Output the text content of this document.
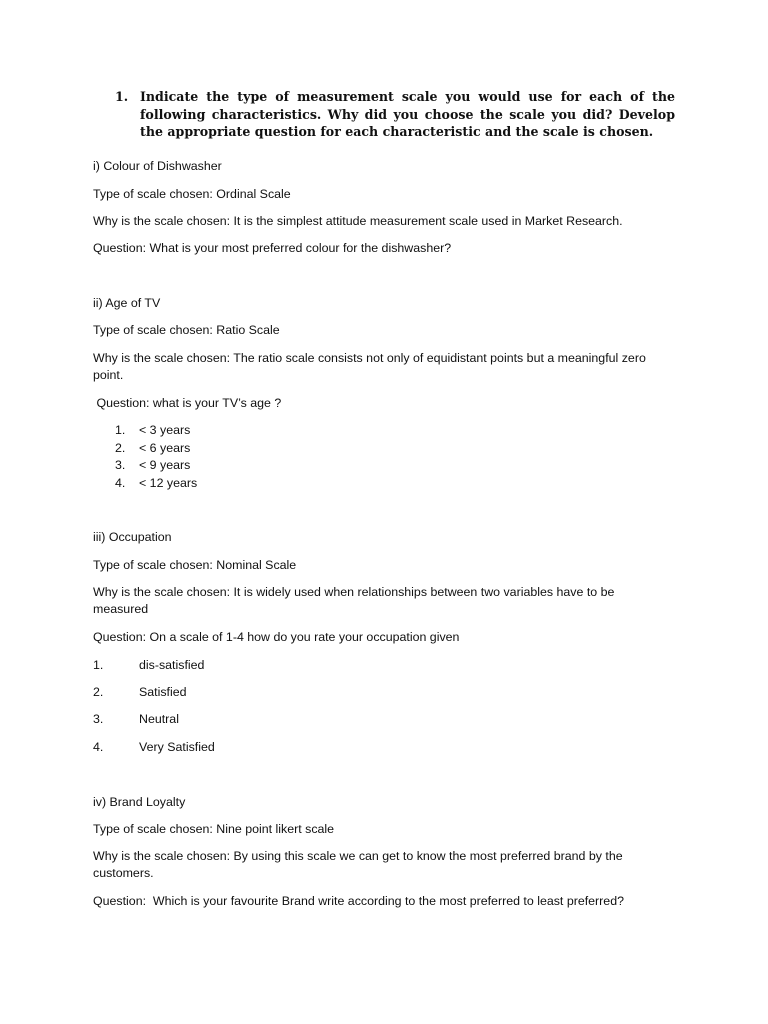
1. Indicate the type of measurement scale you would use for each of the following characteristics. Why did you choose the scale you did? Develop the appropriate question for each characteristic and the scale is chosen.
i) Colour of Dishwasher
Type of scale chosen: Ordinal Scale
Why is the scale chosen: It is the simplest attitude measurement scale used in Market Research.
Question: What is your most preferred colour for the dishwasher?
ii) Age of TV
Type of scale chosen: Ratio Scale
Why is the scale chosen: The ratio scale consists not only of equidistant points but a meaningful zero point.
Question: what is your TV’s age ?
1. < 3 years
2. < 6 years
3. < 9 years
4. < 12 years
iii) Occupation
Type of scale chosen: Nominal Scale
Why is the scale chosen: It is widely used when relationships between two variables have to be measured
Question: On a scale of 1-4 how do you rate your occupation given
1.	dis-satisfied
2.	Satisfied
3.	Neutral
4.	Very Satisfied
iv) Brand Loyalty
Type of scale chosen: Nine point likert scale
Why is the scale chosen: By using this scale we can get to know the most preferred brand by the customers.
Question:  Which is your favourite Brand write according to the most preferred to least preferred?
